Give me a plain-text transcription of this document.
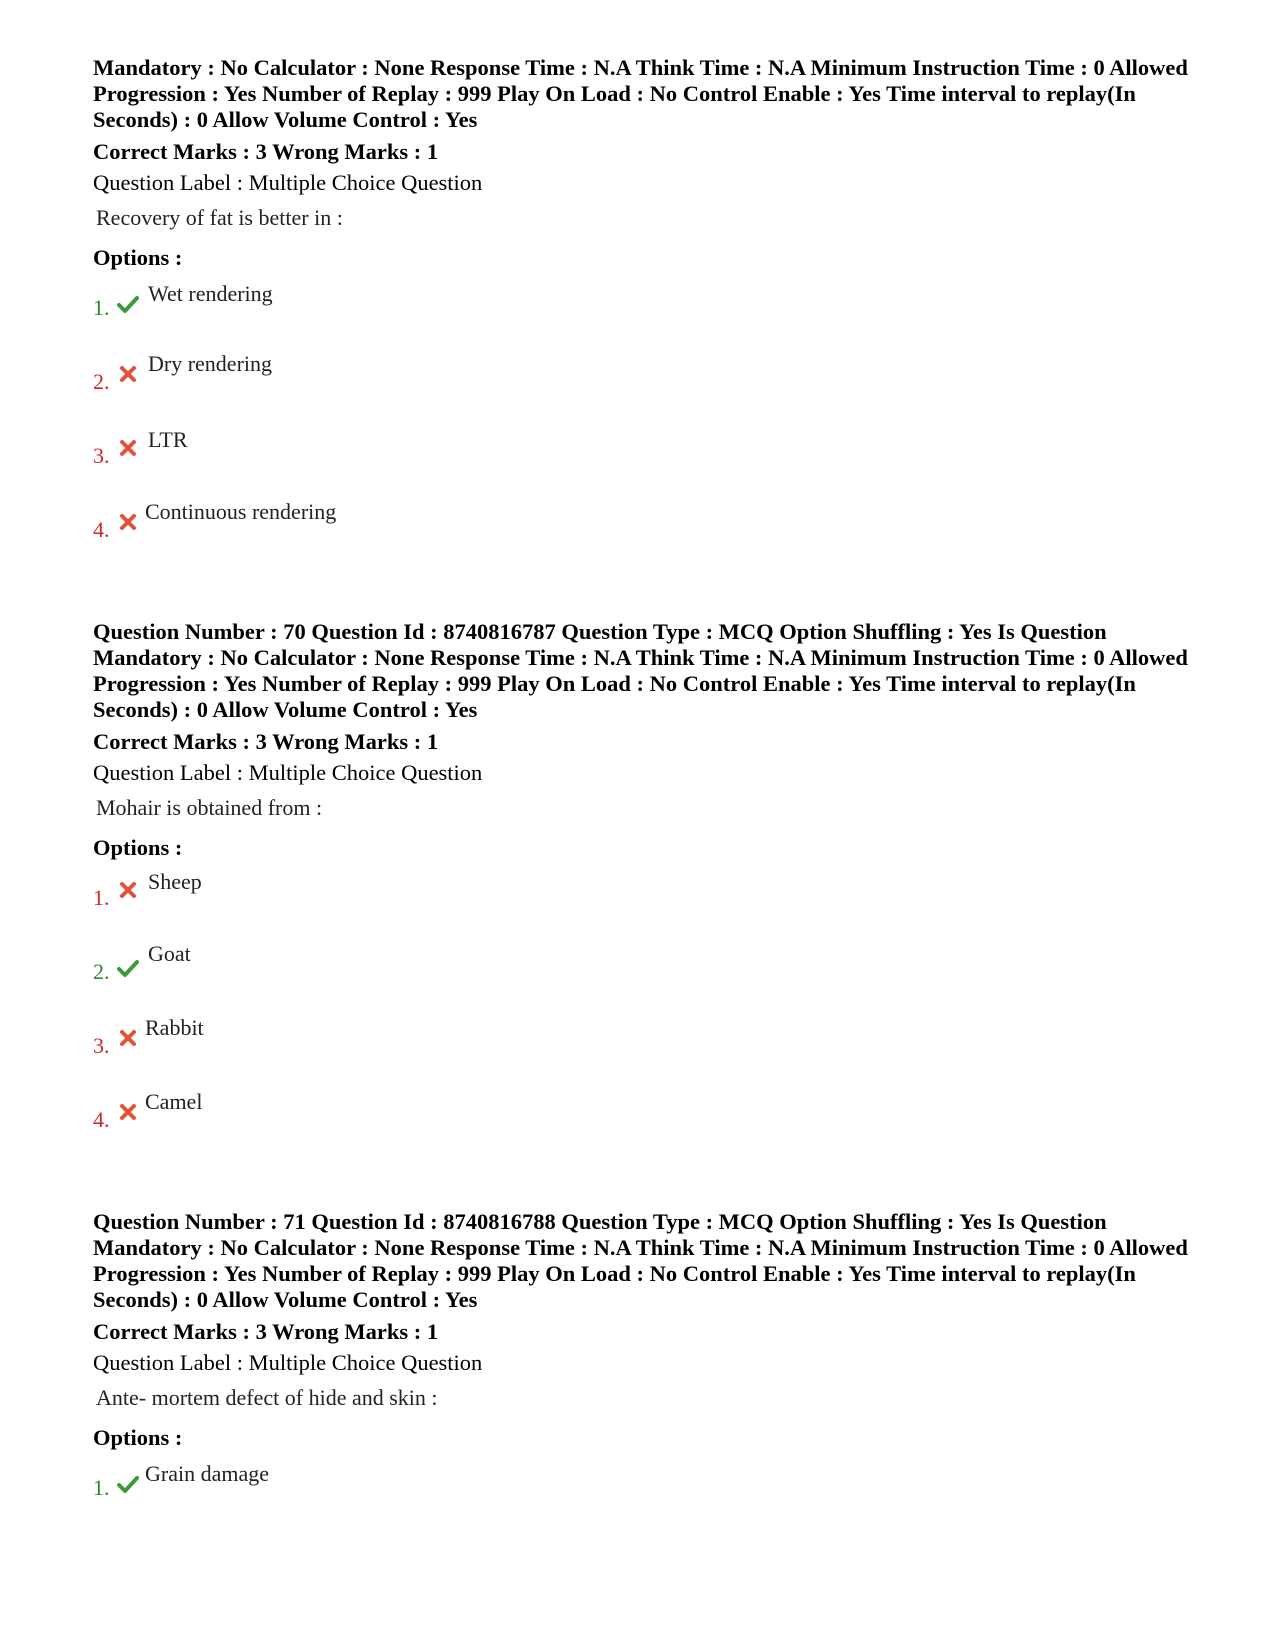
Mandatory : No Calculator : None Response Time : N.A Think Time : N.A Minimum Instruction Time : 0 Allowed Progression : Yes Number of Replay : 999 Play On Load : No Control Enable : Yes Time interval to replay(In Seconds) : 0 Allow Volume Control : Yes

Correct Marks : 3 Wrong Marks : 1
Question Label : Multiple Choice Question
Recovery of fat is better in :
Options :
1.
Wet rendering
2.
Dry rendering
3.
LTR
4.
Continuous rendering

Question Number : 70 Question Id : 8740816787 Question Type : MCQ Option Shuffling : Yes Is Question Mandatory : No Calculator : None Response Time : N.A Think Time : N.A Minimum Instruction Time : 0 Allowed Progression : Yes Number of Replay : 999 Play On Load : No Control Enable : Yes Time interval to replay(In Seconds) : 0 Allow Volume Control : Yes

Correct Marks : 3 Wrong Marks : 1
Question Label : Multiple Choice Question
Mohair is obtained from :
Options :
1.
Sheep
2.
Goat
3.
Rabbit
4.
Camel

Question Number : 71 Question Id : 8740816788 Question Type : MCQ Option Shuffling : Yes Is Question Mandatory : No Calculator : None Response Time : N.A Think Time : N.A Minimum Instruction Time : 0 Allowed Progression : Yes Number of Replay : 999 Play On Load : No Control Enable : Yes Time interval to replay(In Seconds) : 0 Allow Volume Control : Yes

Correct Marks : 3 Wrong Marks : 1
Question Label : Multiple Choice Question
Ante- mortem defect of hide and skin :
Options :
1.
Grain damage
